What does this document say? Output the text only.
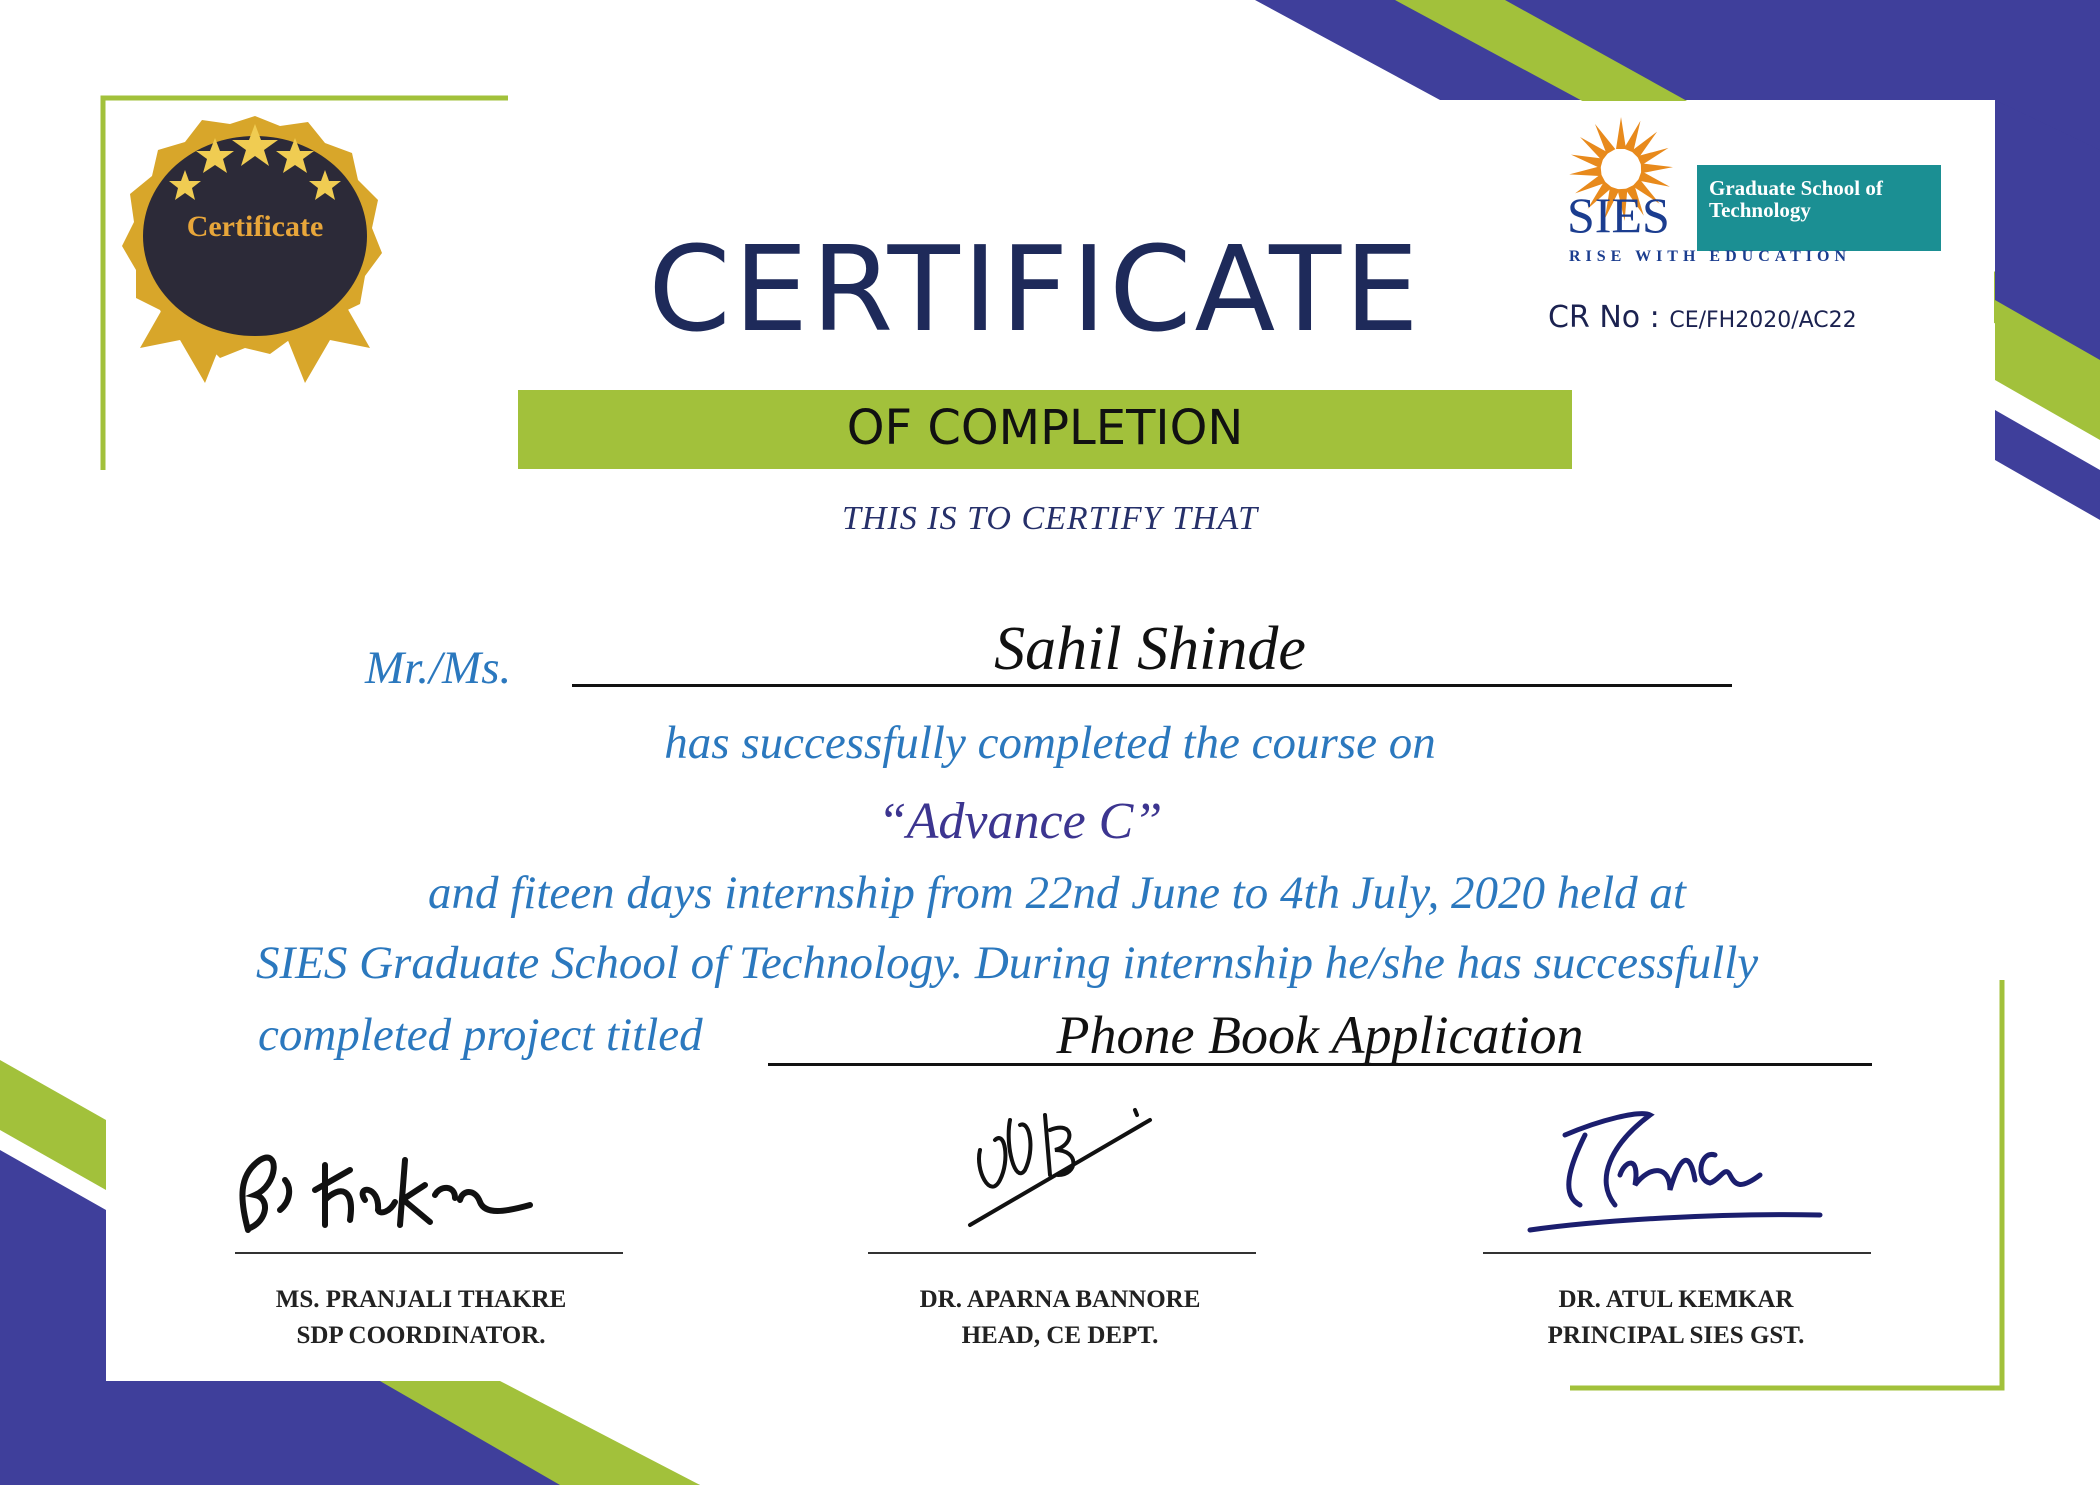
Certificate	CERTIFICATE
OF COMPLETION
THIS IS TO CERTIFY THAT
SIES Graduate School of
Technology
RISE WITH EDUCATION
CR No : CE/FH2020/AC22
Mr./Ms.	Sahil Shinde
has successfully completed the course on
“Advance C”
and fiteen days internship from 22nd June to 4th July, 2020 held at
SIES Graduate School of Technology. During internship he/she has successfully
completed project titled	Phone Book Application
MS. PRANJALI THAKRE
SDP COORDINATOR.
DR. APARNA BANNORE
HEAD, CE DEPT.
DR. ATUL KEMKAR
PRINCIPAL SIES GST.
